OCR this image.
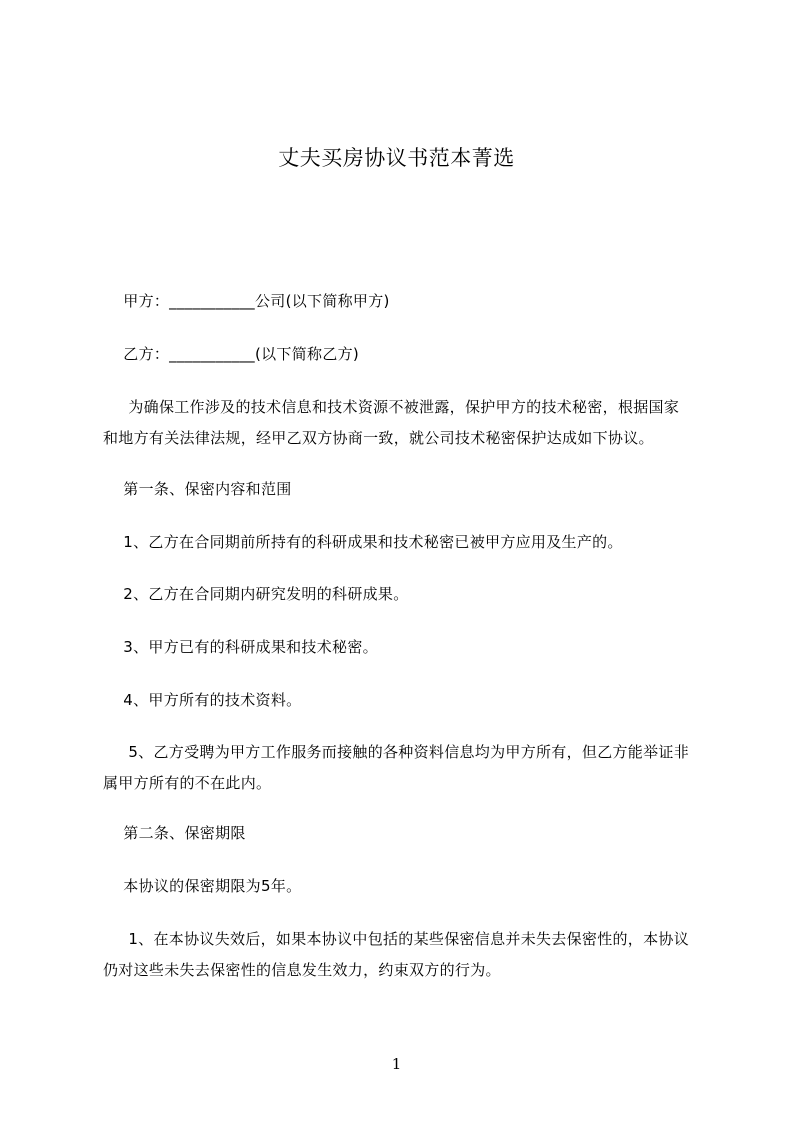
丈夫买房协议书范本菁选
甲方：___________公司(以下简称甲方)
乙方：___________(以下简称乙方)
为确保工作涉及的技术信息和技术资源不被泄露，保护甲方的技术秘密，根据国家和地方有关法律法规，经甲乙双方协商一致，就公司技术秘密保护达成如下协议。
第一条、保密内容和范围
1、乙方在合同期前所持有的科研成果和技术秘密已被甲方应用及生产的。
2、乙方在合同期内研究发明的科研成果。
3、甲方已有的科研成果和技术秘密。
4、甲方所有的技术资料。
5、乙方受聘为甲方工作服务而接触的各种资料信息均为甲方所有，但乙方能举证非属甲方所有的不在此内。
第二条、保密期限
本协议的保密期限为5年。
1、在本协议失效后，如果本协议中包括的某些保密信息并未失去保密性的，本协议仍对这些未失去保密性的信息发生效力，约束双方的行为。
1
